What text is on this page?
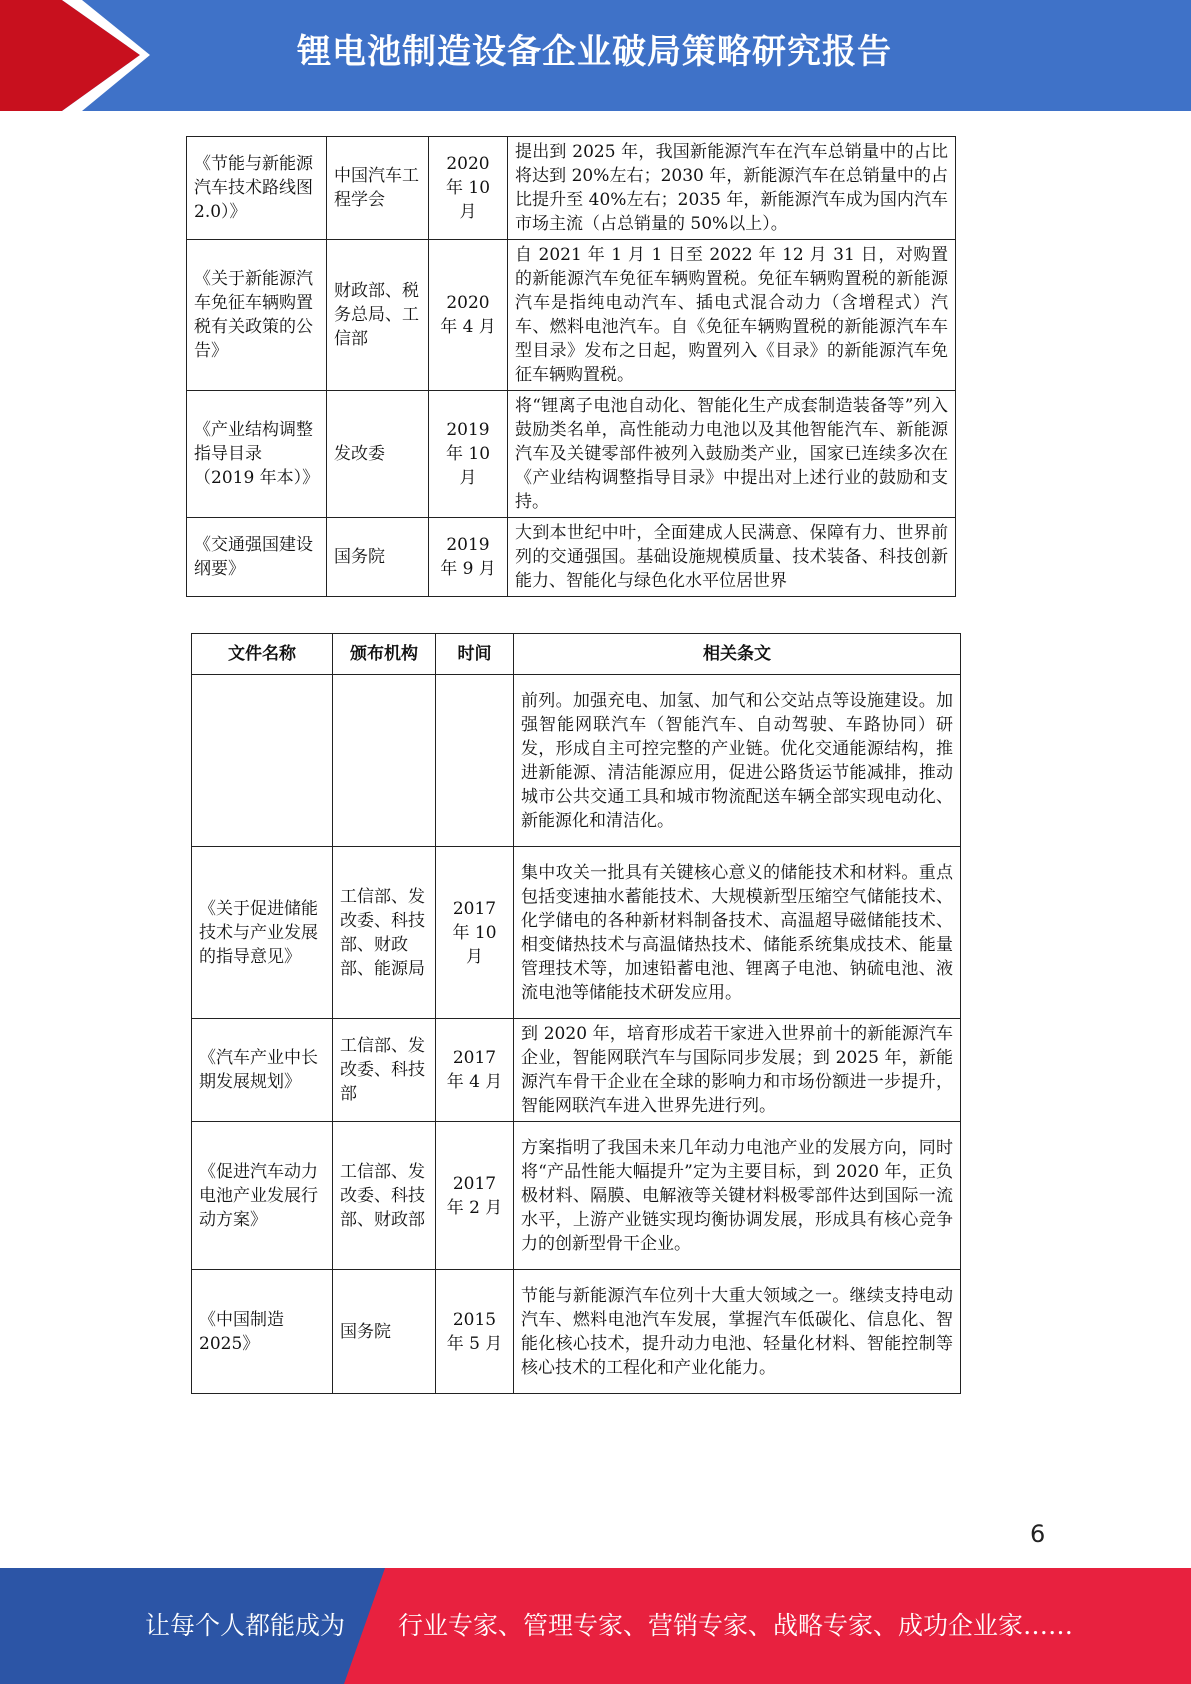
锂电池制造设备企业破局策略研究报告
《节能与新能源汽车技术路线图 2.0）》	中国汽车工程学会	2020 年 10 月	提出到 2025 年，我国新能源汽车在汽车总销量中的占比将达到 20%左右；2030 年，新能源汽车在总销量中的占比提升至 40%左右；2035 年，新能源汽车成为国内汽车市场主流（占总销量的 50%以上）。
《关于新能源汽车免征车辆购置税有关政策的公告》	财政部、税务总局、工信部	2020 年 4 月	自 2021 年 1 月 1 日至 2022 年 12 月 31 日，对购置的新能源汽车免征车辆购置税。免征车辆购置税的新能源汽车是指纯电动汽车、插电式混合动力（含增程式）汽车、燃料电池汽车。自《免征车辆购置税的新能源汽车车型目录》发布之日起，购置列入《目录》的新能源汽车免征车辆购置税。
《产业结构调整指导目录（2019 年本）》	发改委	2019 年 10 月	将“锂离子电池自动化、智能化生产成套制造装备等”列入鼓励类名单，高性能动力电池以及其他智能汽车、新能源汽车及关键零部件被列入鼓励类产业，国家已连续多次在《产业结构调整指导目录》中提出对上述行业的鼓励和支持。
《交通强国建设纲要》	国务院	2019 年 9 月	大到本世纪中叶，全面建成人民满意、保障有力、世界前列的交通强国。基础设施规模质量、技术装备、科技创新能力、智能化与绿色化水平位居世界
文件名称	颁布机构	时间	相关条文
			前列。加强充电、加氢、加气和公交站点等设施建设。加强智能网联汽车（智能汽车、自动驾驶、车路协同）研发，形成自主可控完整的产业链。优化交通能源结构，推进新能源、清洁能源应用，促进公路货运节能减排，推动城市公共交通工具和城市物流配送车辆全部实现电动化、新能源化和清洁化。
《关于促进储能技术与产业发展的指导意见》	工信部、发改委、科技部、财政部、能源局	2017 年 10 月	集中攻关一批具有关键核心意义的储能技术和材料。重点包括变速抽水蓄能技术、大规模新型压缩空气储能技术、化学储电的各种新材料制备技术、高温超导磁储能技术、相变储热技术与高温储热技术、储能系统集成技术、能量管理技术等，加速铅蓄电池、锂离子电池、钠硫电池、液流电池等储能技术研发应用。
《汽车产业中长期发展规划》	工信部、发改委、科技部	2017 年 4 月	到 2020 年，培育形成若干家进入世界前十的新能源汽车企业，智能网联汽车与国际同步发展；到 2025 年，新能源汽车骨干企业在全球的影响力和市场份额进一步提升，智能网联汽车进入世界先进行列。
《促进汽车动力电池产业发展行动方案》	工信部、发改委、科技部、财政部	2017 年 2 月	方案指明了我国未来几年动力电池产业的发展方向，同时将“产品性能大幅提升”定为主要目标，到 2020 年，正负极材料、隔膜、电解液等关键材料极零部件达到国际一流水平，上游产业链实现均衡协调发展，形成具有核心竞争力的创新型骨干企业。
《中国制造 2025》	国务院	2015 年 5 月	节能与新能源汽车位列十大重大领域之一。继续支持电动汽车、燃料电池汽车发展，掌握汽车低碳化、信息化、智能化核心技术，提升动力电池、轻量化材料、智能控制等核心技术的工程化和产业化能力。
6
让每个人都能成为 行业专家、管理专家、营销专家、战略专家、成功企业家……
